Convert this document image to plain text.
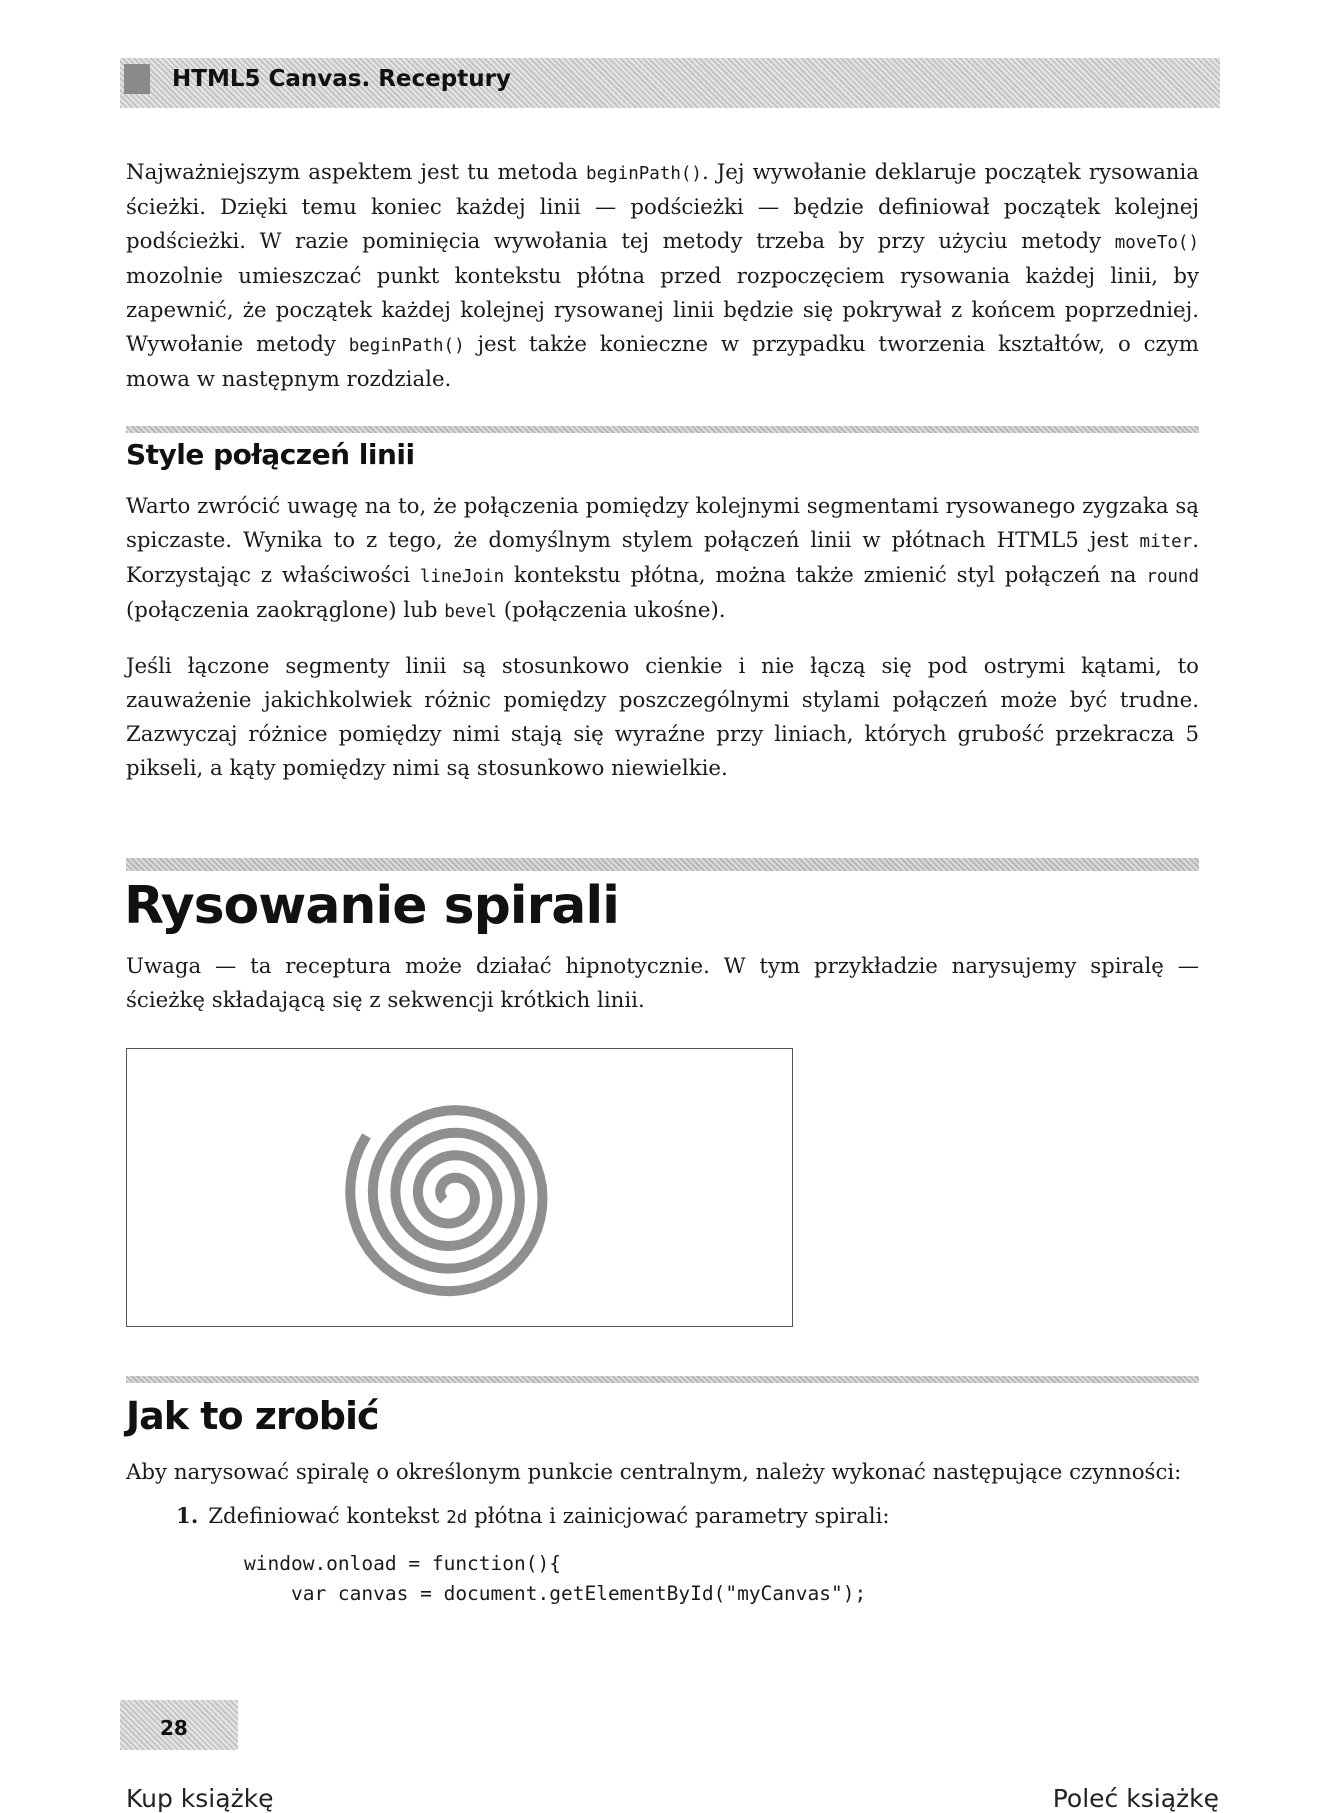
HTML5 Canvas. Receptury

Najważniejszym aspektem jest tu metoda beginPath(). Jej wywołanie deklaruje początek rysowania ścieżki. Dzięki temu koniec każdej linii — podścieżki — będzie definiował początek kolejnej podścieżki. W razie pominięcia wywołania tej metody trzeba by przy użyciu metody moveTo() mozolnie umieszczać punkt kontekstu płótna przed rozpoczęciem rysowania każdej linii, by zapewnić, że początek każdej kolejnej rysowanej linii będzie się pokrywał z końcem poprzedniej. Wywołanie metody beginPath() jest także konieczne w przypadku tworzenia kształtów, o czym mowa w następnym rozdziale.

Style połączeń linii

Warto zwrócić uwagę na to, że połączenia pomiędzy kolejnymi segmentami rysowanego zygzaka są spiczaste. Wynika to z tego, że domyślnym stylem połączeń linii w płótnach HTML5 jest miter. Korzystając z właściwości lineJoin kontekstu płótna, można także zmienić styl połączeń na round (połączenia zaokrąglone) lub bevel (połączenia ukośne).

Jeśli łączone segmenty linii są stosunkowo cienkie i nie łączą się pod ostrymi kątami, to zauważenie jakichkolwiek różnic pomiędzy poszczególnymi stylami połączeń może być trudne. Zazwyczaj różnice pomiędzy nimi stają się wyraźne przy liniach, których grubość przekracza 5 pikseli, a kąty pomiędzy nimi są stosunkowo niewielkie.

Rysowanie spirali

Uwaga — ta receptura może działać hipnotycznie. W tym przykładzie narysujemy spiralę — ścieżkę składającą się z sekwencji krótkich linii.

Jak to zrobić

Aby narysować spiralę o określonym punkcie centralnym, należy wykonać następujące czynności:

1. Zdefiniować kontekst 2d płótna i zainicjować parametry spirali:
window.onload = function(){
var canvas = document.getElementById("myCanvas");
28
Kup książkę	Poleć książkę
